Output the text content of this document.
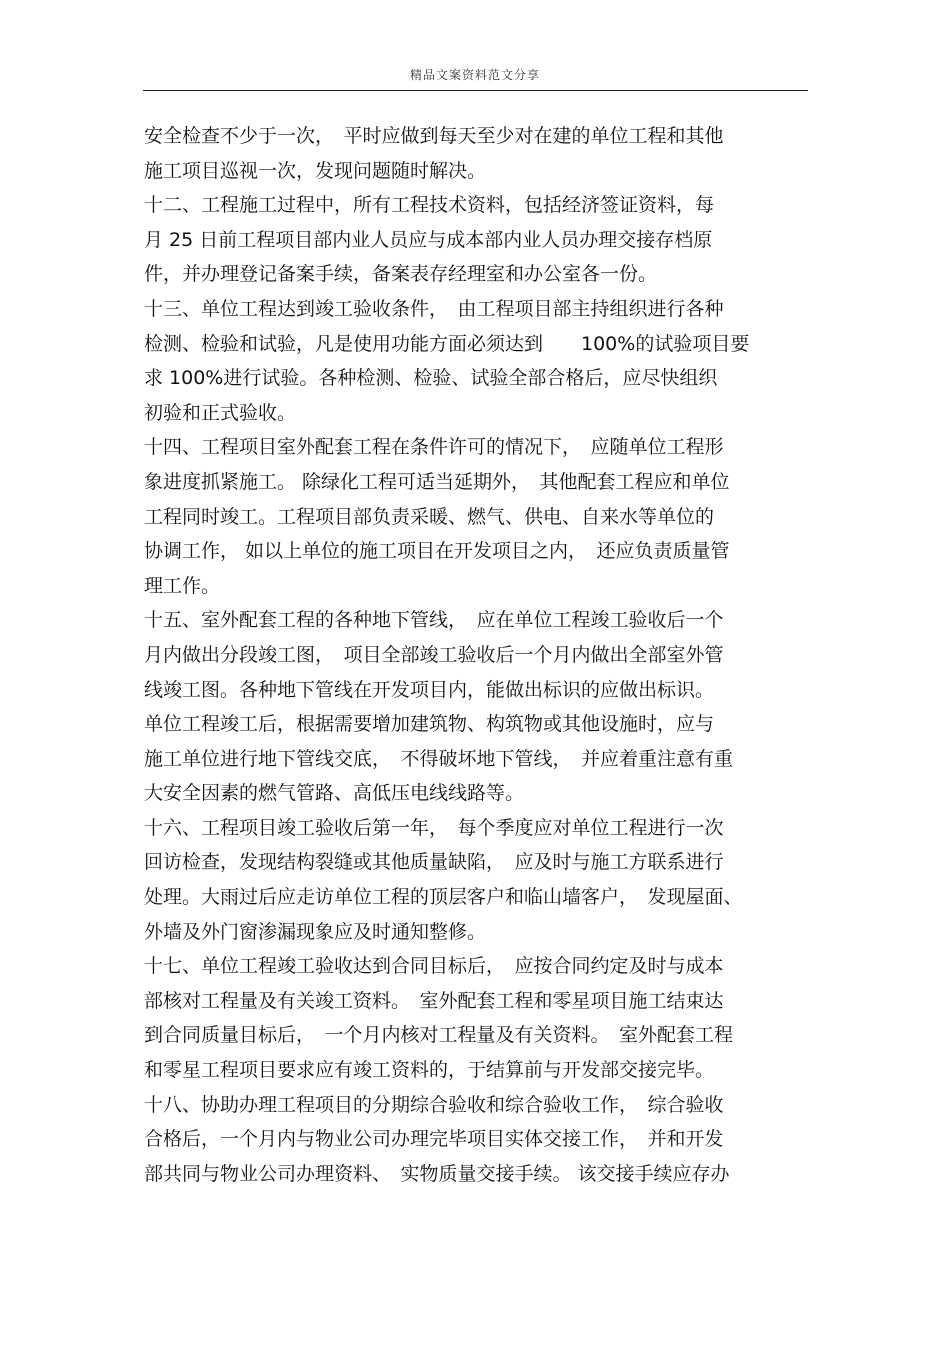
精品文案资料范文分享
安全检查不少于一次，　平时应做到每天至少对在建的单位工程和其他
施工项目巡视一次，发现问题随时解决。
十二、工程施工过程中，所有工程技术资料，包括经济签证资料，每
月 25 日前工程项目部内业人员应与成本部内业人员办理交接存档原
件，并办理登记备案手续，备案表存经理室和办公室各一份。
十三、单位工程达到竣工验收条件，　由工程项目部主持组织进行各种
检测、检验和试验，凡是使用功能方面必须达到　　100%的试验项目要
求 100%进行试验。各种检测、检验、试验全部合格后，应尽快组织
初验和正式验收。
十四、工程项目室外配套工程在条件许可的情况下，　应随单位工程形
象进度抓紧施工。 除绿化工程可适当延期外，　其他配套工程应和单位
工程同时竣工。工程项目部负责采暖、燃气、供电、自来水等单位的
协调工作， 如以上单位的施工项目在开发项目之内，　还应负责质量管
理工作。
十五、室外配套工程的各种地下管线，　应在单位工程竣工验收后一个
月内做出分段竣工图，　项目全部竣工验收后一个月内做出全部室外管
线竣工图。各种地下管线在开发项目内，能做出标识的应做出标识。
单位工程竣工后，根据需要增加建筑物、构筑物或其他设施时，应与
施工单位进行地下管线交底，　不得破坏地下管线，　并应着重注意有重
大安全因素的燃气管路、高低压电线线路等。
十六、工程项目竣工验收后第一年，　每个季度应对单位工程进行一次
回访检查，发现结构裂缝或其他质量缺陷，　应及时与施工方联系进行
处理。大雨过后应走访单位工程的顶层客户和临山墙客户，　发现屋面、
外墙及外门窗渗漏现象应及时通知整修。
十七、单位工程竣工验收达到合同目标后，　应按合同约定及时与成本
部核对工程量及有关竣工资料。　室外配套工程和零星项目施工结束达
到合同质量目标后，　一个月内核对工程量及有关资料。　室外配套工程
和零星工程项目要求应有竣工资料的，于结算前与开发部交接完毕。
十八、协助办理工程项目的分期综合验收和综合验收工作，　综合验收
合格后，一个月内与物业公司办理完毕项目实体交接工作，　并和开发
部共同与物业公司办理资料、　实物质量交接手续。 该交接手续应存办
